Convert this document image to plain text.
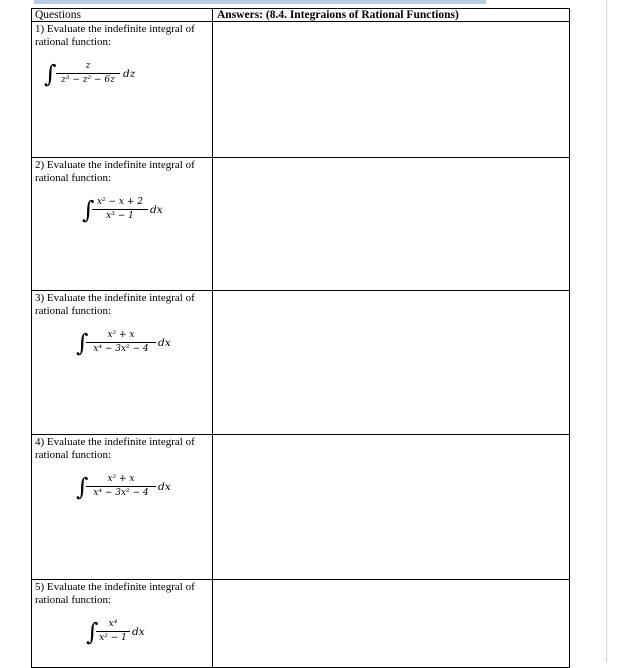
Questions	Answers: (8.4. Integraions of Rational Functions)

1) Evaluate the indefinite integral of rational function:
∫ z
z³ − z² − 6z dz	

2) Evaluate the indefinite integral of rational function:
∫ x² − x + 2
x³ − 1 dx	

3) Evaluate the indefinite integral of rational function:
∫ x² + x
x⁴ − 3x² − 4 dx	

4) Evaluate the indefinite integral of rational function:
∫ x² + x
x⁴ − 3x² − 4 dx	

5) Evaluate the indefinite integral of rational function:
∫ x⁴
x² − 1 dx	
